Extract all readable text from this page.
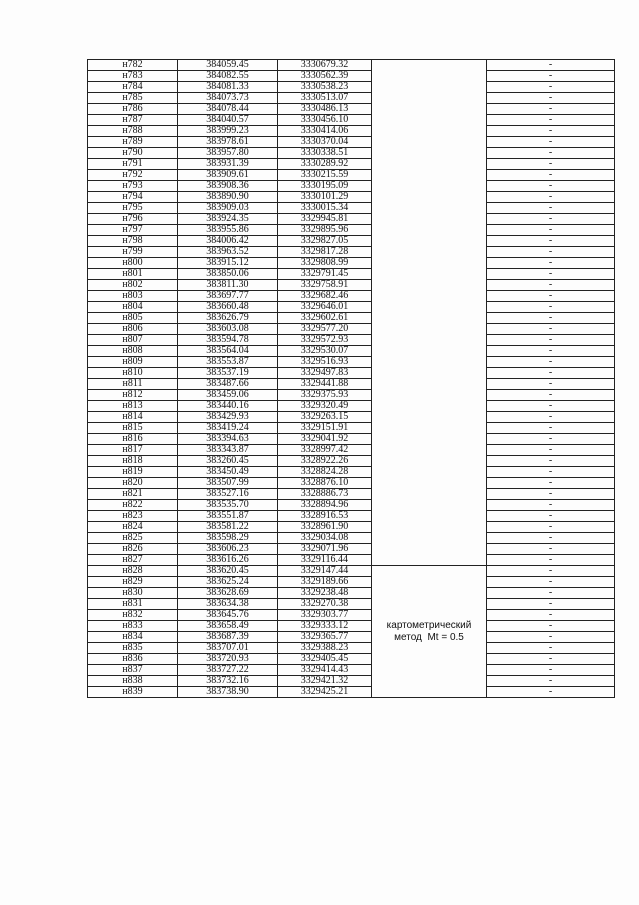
н782	384059.45	3330679.32		-
н783	384082.55	3330562.39		-
н784	384081.33	3330538.23		-
н785	384073.73	3330513.07		-
н786	384078.44	3330486.13		-
н787	384040.57	3330456.10		-
н788	383999.23	3330414.06		-
н789	383978.61	3330370.04		-
н790	383957.80	3330338.51		-
н791	383931.39	3330289.92		-
н792	383909.61	3330215.59		-
н793	383908.36	3330195.09		-
н794	383890.90	3330101.29		-
н795	383909.03	3330015.34		-
н796	383924.35	3329945.81		-
н797	383955.86	3329895.96		-
н798	384006.42	3329827.05		-
н799	383963.52	3329817.28		-
н800	383915.12	3329808.99		-
н801	383850.06	3329791.45		-
н802	383811.30	3329758.91		-
н803	383697.77	3329682.46		-
н804	383660.48	3329646.01		-
н805	383626.79	3329602.61		-
н806	383603.08	3329577.20		-
н807	383594.78	3329572.93		-
н808	383564.04	3329530.07		-
н809	383553.87	3329516.93		-
н810	383537.19	3329497.83		-
н811	383487.66	3329441.88		-
н812	383459.06	3329375.93		-
н813	383440.16	3329320.49		-
н814	383429.93	3329263.15		-
н815	383419.24	3329151.91		-
н816	383394.63	3329041.92		-
н817	383343.87	3328997.42		-
н818	383260.45	3328922.26		-
н819	383450.49	3328824.28		-
н820	383507.99	3328876.10		-
н821	383527.16	3328886.73		-
н822	383535.70	3328894.96		-
н823	383551.87	3328916.53		-
н824	383581.22	3328961.90		-
н825	383598.29	3329034.08		-
н826	383606.23	3329071.96		-
н827	383616.26	3329116.44		-
н828	383620.45	3329147.44	картометрический
метод  Mt = 0.5	-
н829	383625.24	3329189.66		-
н830	383628.69	3329238.48		-
н831	383634.38	3329270.38		-
н832	383645.76	3329303.77		-
н833	383658.49	3329333.12		-
н834	383687.39	3329365.77		-
н835	383707.01	3329388.23		-
н836	383720.93	3329405.45		-
н837	383727.22	3329414.43		-
н838	383732.16	3329421.32		-
н839	383738.90	3329425.21		-
